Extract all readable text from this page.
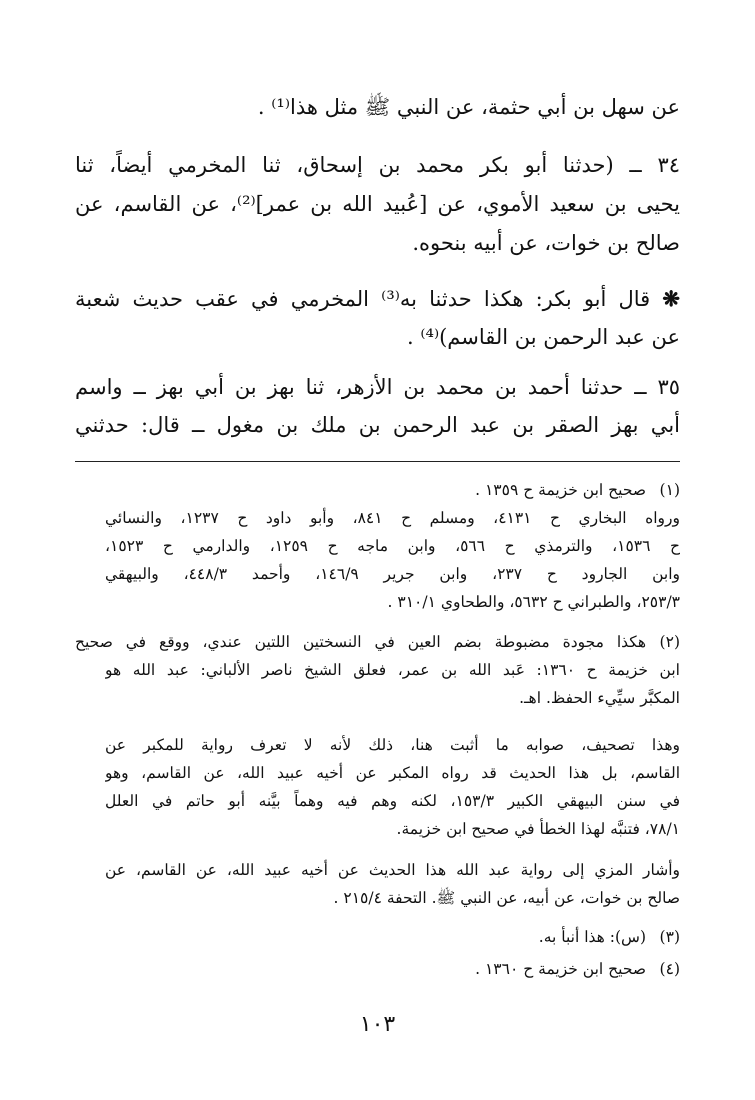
عن سهل بن أبي حثمة، عن النبي ﷺ مثل هذا⁽¹⁾ .
٣٤ ــ (حدثنا أبو بكر محمد بن إسحاق، ثنا المخرمي أيضاً، ثنا
يحيى بن سعيد الأموي، عن [عُبيد الله بن عمر]⁽²⁾، عن القاسم، عن
صالح بن خوات، عن أبيه بنحوه.
❋ قال أبو بكر: هكذا حدثنا به⁽³⁾ المخرمي في عقب حديث شعبة
عن عبد الرحمن بن القاسم)⁽⁴⁾ .
٣٥ ــ حدثنا أحمد بن محمد بن الأزهر، ثنا بهز بن أبي بهز ــ واسم
أبي بهز الصقر بن عبد الرحمن بن ملك بن مغول ــ قال: حدثني
(١)صحيح ابن خزيمة ح ١٣٥٩ .
ورواه البخاري ح ٤١٣١، ومسلم ح ٨٤١، وأبو داود ح ١٢٣٧، والنسائي
ح ١٥٣٦، والترمذي ح ٥٦٦، وابن ماجه ح ١٢٥٩، والدارمي ح ١٥٢٣،
وابن الجارود ح ٢٣٧، وابن جرير ١٤٦/٩، وأحمد ٤٤٨/٣، والبيهقي
٢٥٣/٣، والطبراني ح ٥٦٣٢، والطحاوي ٣١٠/١ .
(٢)هكذا مجودة مضبوطة بضم العين في النسختين اللتين عندي، ووقع في صحيح
ابن خزيمة ح ١٣٦٠: عَبد الله بن عمر، فعلق الشيخ ناصر الألباني: عبد الله هو
المكبَّر سيِّيء الحفظ. اهـ.
وهذا تصحيف، صوابه ما أثبت هنا، ذلك لأنه لا تعرف رواية للمكبر عن
القاسم، بل هذا الحديث قد رواه المكبر عن أخيه عبيد الله، عن القاسم، وهو
في سنن البيهقي الكبير ١٥٣/٣، لكنه وهم فيه وهماً بيَّنه أبو حاتم في العلل
٧٨/١، فتنبَّه لهذا الخطأ في صحيح ابن خزيمة.
وأشار المزي إلى رواية عبد الله هذا الحديث عن أخيه عبيد الله، عن القاسم، عن
صالح بن خوات، عن أبيه، عن النبي ﷺ. التحفة ٢١٥/٤ .
(٣)(س): هذا أنبأ به.
(٤)صحيح ابن خزيمة ح ١٣٦٠ .
١٠٣
